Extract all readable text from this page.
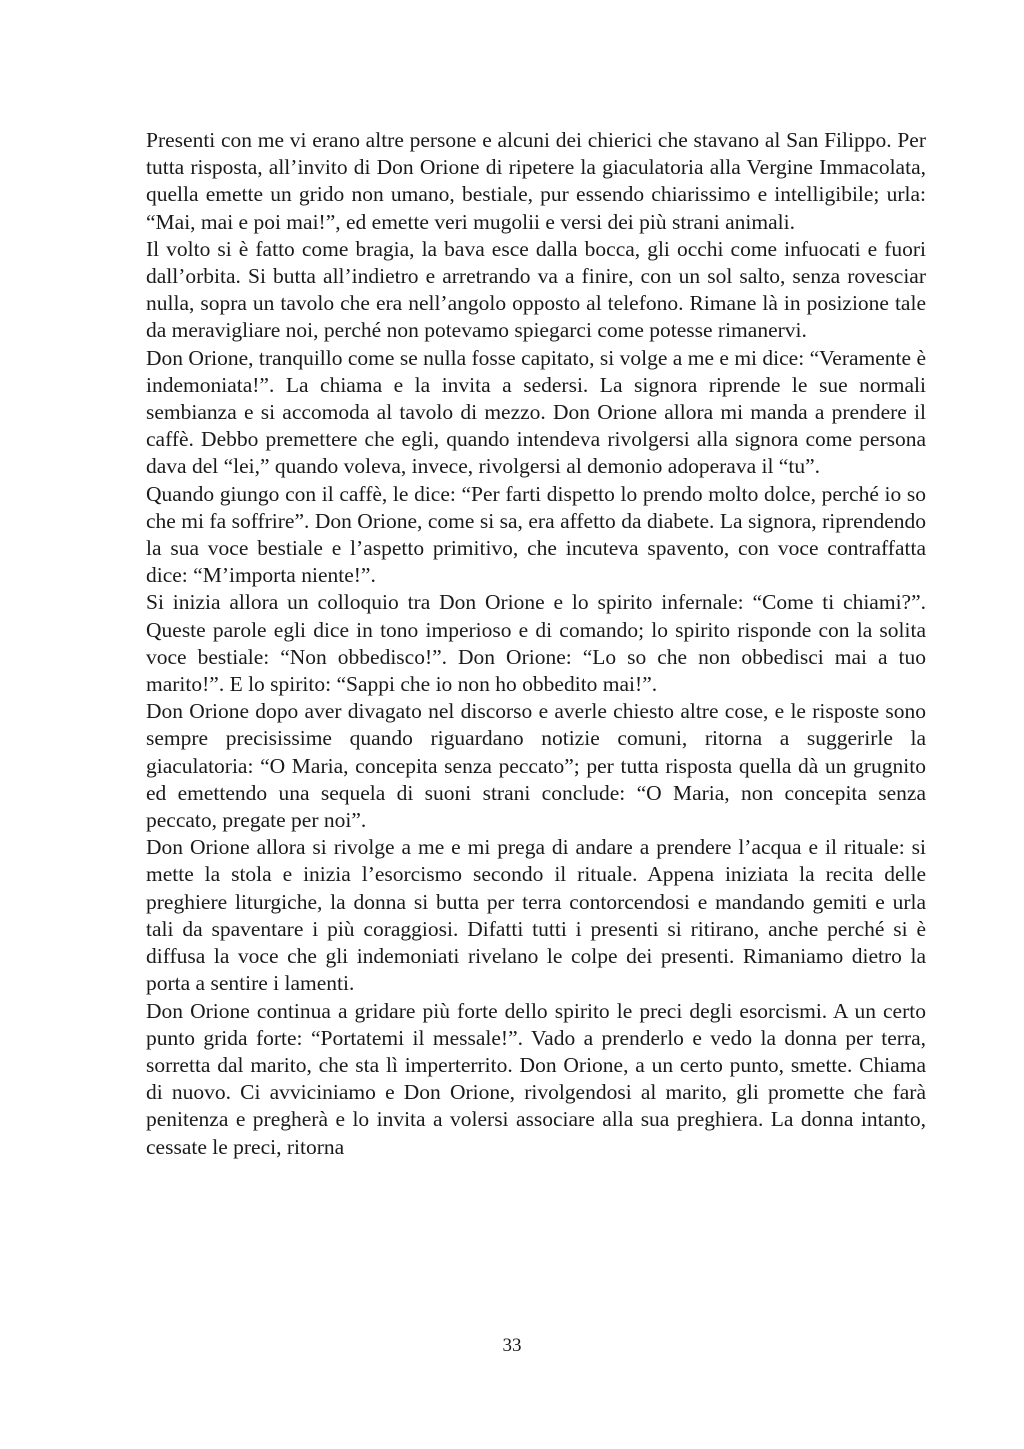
Presenti con me vi erano altre persone e alcuni dei chierici che stavano al San Filippo. Per tutta risposta, all’invito di Don Orione di ripetere la giaculatoria alla Vergine Immacolata, quella emette un grido non umano, bestiale, pur essendo chiarissimo e intelligibile; urla: “Mai, mai e poi mai!”, ed emette veri mugolii e versi dei più strani animali.

Il volto si è fatto come bragia, la bava esce dalla bocca, gli occhi come infuocati e fuori dall’orbita. Si butta all’indietro e arretrando va a finire, con un sol salto, senza rovesciar nulla, sopra un tavolo che era nell’angolo opposto al telefono. Rimane là in posizione tale da meravigliare noi, perché non potevamo spiegarci come potesse rimanervi.

Don Orione, tranquillo come se nulla fosse capitato, si volge a me e mi dice: “Veramente è indemoniata!”. La chiama e la invita a sedersi. La signora riprende le sue normali sembianza e si accomoda al tavolo di mezzo. Don Orione allora mi manda a prendere il caffè. Debbo premettere che egli, quando intendeva rivolgersi alla signora come persona dava del “lei,” quando voleva, invece, rivolgersi al demonio adoperava il “tu”.

Quando giungo con il caffè, le dice: “Per farti dispetto lo prendo molto dolce, perché io so che mi fa soffrire”. Don Orione, come si sa, era affetto da diabete. La signora, riprendendo la sua voce bestiale e l’aspetto primitivo, che incuteva spavento, con voce contraffatta dice: “M’importa niente!”.

Si inizia allora un colloquio tra Don Orione e lo spirito infernale: “Come ti chiami?”. Queste parole egli dice in tono imperioso e di comando; lo spirito risponde con la solita voce bestiale: “Non obbedisco!”. Don Orione: “Lo so che non obbedisci mai a tuo marito!”. E lo spirito: “Sappi che io non ho obbedito mai!”.

Don Orione dopo aver divagato nel discorso e averle chiesto altre cose, e le risposte sono sempre precisissime quando riguardano notizie comuni, ritorna a suggerirle la giaculatoria: “O Maria, concepita senza peccato”; per tutta risposta quella dà un grugnito ed emettendo una sequela di suoni strani conclude: “O Maria, non concepita senza peccato, pregate per noi”.

Don Orione allora si rivolge a me e mi prega di andare a prendere l’acqua e il rituale: si mette la stola e inizia l’esorcismo secondo il rituale. Appena iniziata la recita delle preghiere liturgiche, la donna si butta per terra contorcendosi e mandando gemiti e urla tali da spaventare i più coraggiosi. Difatti tutti i presenti si ritirano, anche perché si è diffusa la voce che gli indemoniati rivelano le colpe dei presenti. Rimaniamo dietro la porta a sentire i lamenti.

Don Orione continua a gridare più forte dello spirito le preci degli esorcismi. A un certo punto grida forte: “Portatemi il messale!”. Vado a prenderlo e vedo la donna per terra, sorretta dal marito, che sta lì imperterrito. Don Orione, a un certo punto, smette. Chiama di nuovo. Ci avviciniamo e Don Orione, rivolgendosi al marito, gli promette che farà penitenza e pregherà e lo invita a volersi associare alla sua preghiera. La donna intanto, cessate le preci, ritorna

33
